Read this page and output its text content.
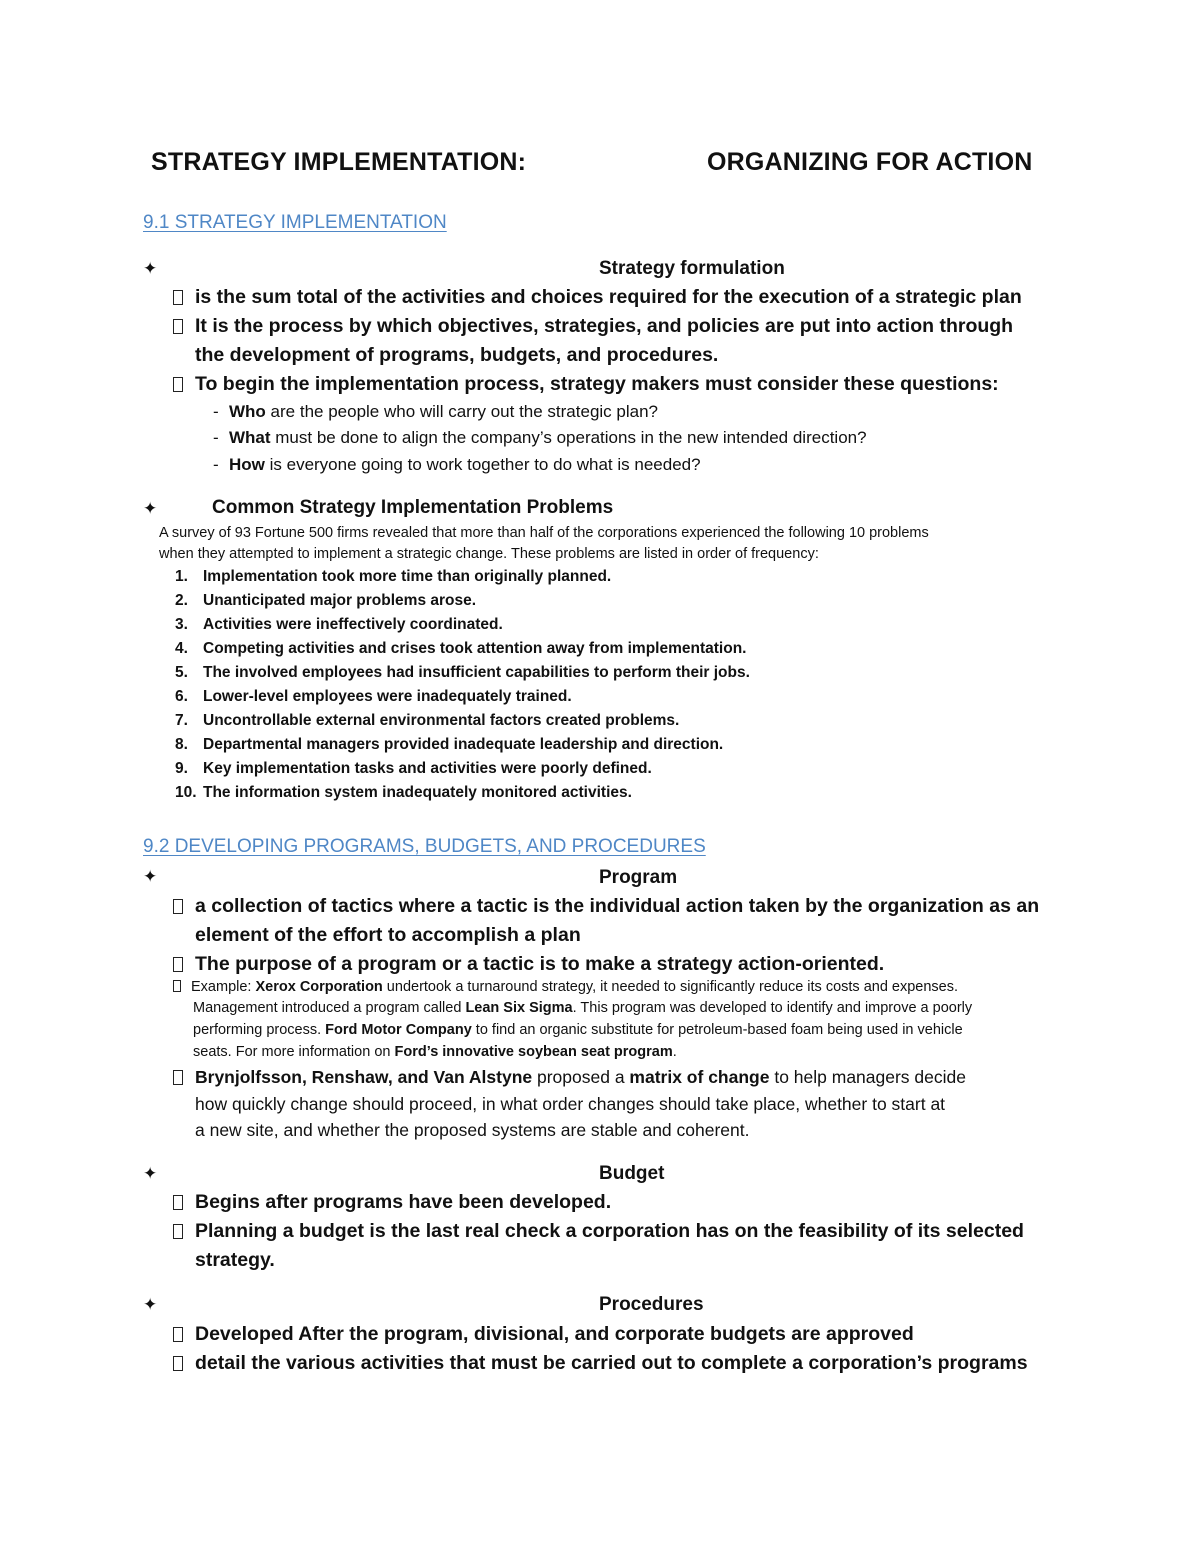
STRATEGY IMPLEMENTATION:	ORGANIZING FOR ACTION
9.1 STRATEGY IMPLEMENTATION
✦	Strategy formulation
is the sum total of the activities and choices required for the execution of a strategic plan
It is the process by which objectives, strategies, and policies are put into action through
the development of programs, budgets, and procedures.
To begin the implementation process, strategy makers must consider these questions:
- Who are the people who will carry out the strategic plan?
- What must be done to align the company’s operations in the new intended direction?
- How is everyone going to work together to do what is needed?
✦	Common Strategy Implementation Problems
A survey of 93 Fortune 500 firms revealed that more than half of the corporations experienced the following 10 problems
when they attempted to implement a strategic change. These problems are listed in order of frequency:
1. Implementation took more time than originally planned.
2. Unanticipated major problems arose.
3. Activities were ineffectively coordinated.
4. Competing activities and crises took attention away from implementation.
5. The involved employees had insufficient capabilities to perform their jobs.
6. Lower-level employees were inadequately trained.
7. Uncontrollable external environmental factors created problems.
8. Departmental managers provided inadequate leadership and direction.
9. Key implementation tasks and activities were poorly defined.
10. The information system inadequately monitored activities.
9.2 DEVELOPING PROGRAMS, BUDGETS, AND PROCEDURES
✦	Program
a collection of tactics where a tactic is the individual action taken by the organization as an
element of the effort to accomplish a plan
The purpose of a program or a tactic is to make a strategy action-oriented.
Example: Xerox Corporation undertook a turnaround strategy, it needed to significantly reduce its costs and expenses.
Management introduced a program called Lean Six Sigma. This program was developed to identify and improve a poorly
performing process. Ford Motor Company to find an organic substitute for petroleum-based foam being used in vehicle
seats. For more information on Ford’s innovative soybean seat program.
Brynjolfsson, Renshaw, and Van Alstyne proposed a matrix of change to help managers decide
how quickly change should proceed, in what order changes should take place, whether to start at
a new site, and whether the proposed systems are stable and coherent.
✦	Budget
Begins after programs have been developed.
Planning a budget is the last real check a corporation has on the feasibility of its selected
strategy.
✦	Procedures
Developed After the program, divisional, and corporate budgets are approved
detail the various activities that must be carried out to complete a corporation’s programs
